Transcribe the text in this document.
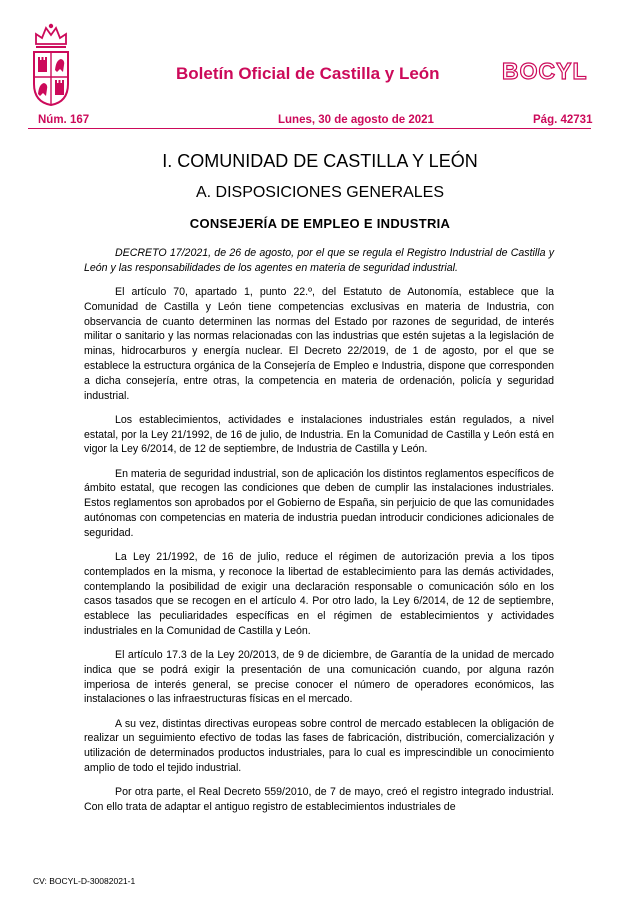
Boletín Oficial de Castilla y León	BOCYL
Núm. 167	Lunes, 30 de agosto de 2021	Pág. 42731
I. COMUNIDAD DE CASTILLA Y LEÓN
A. DISPOSICIONES GENERALES
CONSEJERÍA DE EMPLEO E INDUSTRIA

DECRETO 17/2021, de 26 de agosto, por el que se regula el Registro Industrial de Castilla y León y las responsabilidades de los agentes en materia de seguridad industrial.

El artículo 70, apartado 1, punto 22.º, del Estatuto de Autonomía, establece que la Comunidad de Castilla y León tiene competencias exclusivas en materia de Industria, con observancia de cuanto determinen las normas del Estado por razones de seguridad, de interés militar o sanitario y las normas relacionadas con las industrias que estén sujetas a la legislación de minas, hidrocarburos y energía nuclear. El Decreto 22/2019, de 1 de agosto, por el que se establece la estructura orgánica de la Consejería de Empleo e Industria, dispone que corresponden a dicha consejería, entre otras, la competencia en materia de ordenación, policía y seguridad industrial.

Los establecimientos, actividades e instalaciones industriales están regulados, a nivel estatal, por la Ley 21/1992, de 16 de julio, de Industria. En la Comunidad de Castilla y León está en vigor la Ley 6/2014, de 12 de septiembre, de Industria de Castilla y León.

En materia de seguridad industrial, son de aplicación los distintos reglamentos específicos de ámbito estatal, que recogen las condiciones que deben de cumplir las instalaciones industriales. Estos reglamentos son aprobados por el Gobierno de España, sin perjuicio de que las comunidades autónomas con competencias en materia de industria puedan introducir condiciones adicionales de seguridad.

La Ley 21/1992, de 16 de julio, reduce el régimen de autorización previa a los tipos contemplados en la misma, y reconoce la libertad de establecimiento para las demás actividades, contemplando la posibilidad de exigir una declaración responsable o comunicación sólo en los casos tasados que se recogen en el artículo 4. Por otro lado, la Ley 6/2014, de 12 de septiembre, establece las peculiaridades específicas en el régimen de establecimientos y actividades industriales en la Comunidad de Castilla y León.

El artículo 17.3 de la Ley 20/2013, de 9 de diciembre, de Garantía de la unidad de mercado indica que se podrá exigir la presentación de una comunicación cuando, por alguna razón imperiosa de interés general, se precise conocer el número de operadores económicos, las instalaciones o las infraestructuras físicas en el mercado.

A su vez, distintas directivas europeas sobre control de mercado establecen la obligación de realizar un seguimiento efectivo de todas las fases de fabricación, distribución, comercialización y utilización de determinados productos industriales, para lo cual es imprescindible un conocimiento amplio de todo el tejido industrial.

Por otra parte, el Real Decreto 559/2010, de 7 de mayo, creó el registro integrado industrial. Con ello trata de adaptar el antiguo registro de establecimientos industriales de

CV: BOCYL-D-30082021-1
